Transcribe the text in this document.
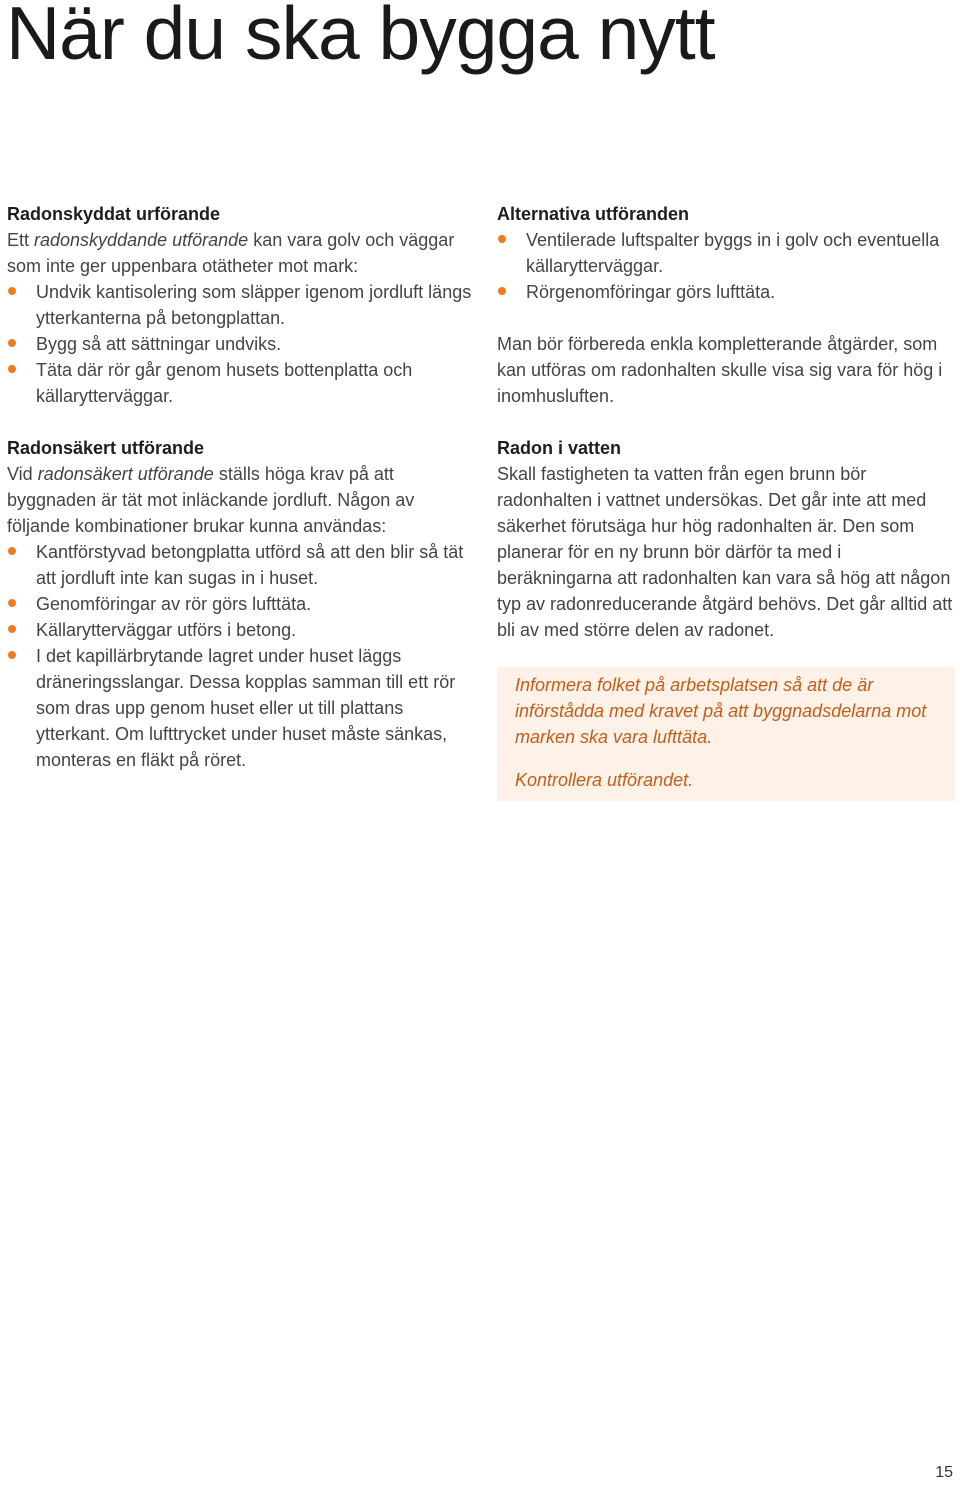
När du ska bygga nytt
Radonskyddat urförande

Ett radonskyddande utförande kan vara golv och väggar som inte ger uppenbara otätheter mot mark:

Undvik kantisolering som släpper igenom jordluft längs ytterkanterna på betongplattan.
Bygg så att sättningar undviks.
Täta där rör går genom husets bottenplatta och källarytterväggar.
Radonsäkert utförande

Vid radonsäkert utförande ställs höga krav på att byggnaden är tät mot inläckande jordluft. Någon av följande kombinationer brukar kunna användas:

Kantförstyvad betongplatta utförd så att den blir så tät att jordluft inte kan sugas in i huset.
Genomföringar av rör görs lufttäta.
Källarytterväggar utförs i betong.
I det kapillärbrytande lagret under huset läggs dräneringsslangar. Dessa kopplas samman till ett rör som dras upp genom huset eller ut till plattans ytterkant. Om lufttrycket under huset måste sänkas, monteras en fläkt på röret.
Alternativa utföranden
Ventilerade luftspalter byggs in i golv och eventuella källarytterväggar.
Rörgenomföringar görs lufttäta.

Man bör förbereda enkla kompletterande åtgärder, som kan utföras om radonhalten skulle visa sig vara för hög i inomhusluften.

Radon i vatten

Skall fastigheten ta vatten från egen brunn bör radonhalten i vattnet undersökas. Det går inte att med säkerhet förutsäga hur hög radonhalten är. Den som planerar för en ny brunn bör därför ta med i beräkningarna att radonhalten kan vara så hög att någon typ av radonreducerande åtgärd behövs. Det går alltid att bli av med större delen av radonet.

Informera folket på arbetsplatsen så att de är införstådda med kravet på att byggnadsdelarna mot marken ska vara lufttäta.

Kontrollera utförandet.

15
